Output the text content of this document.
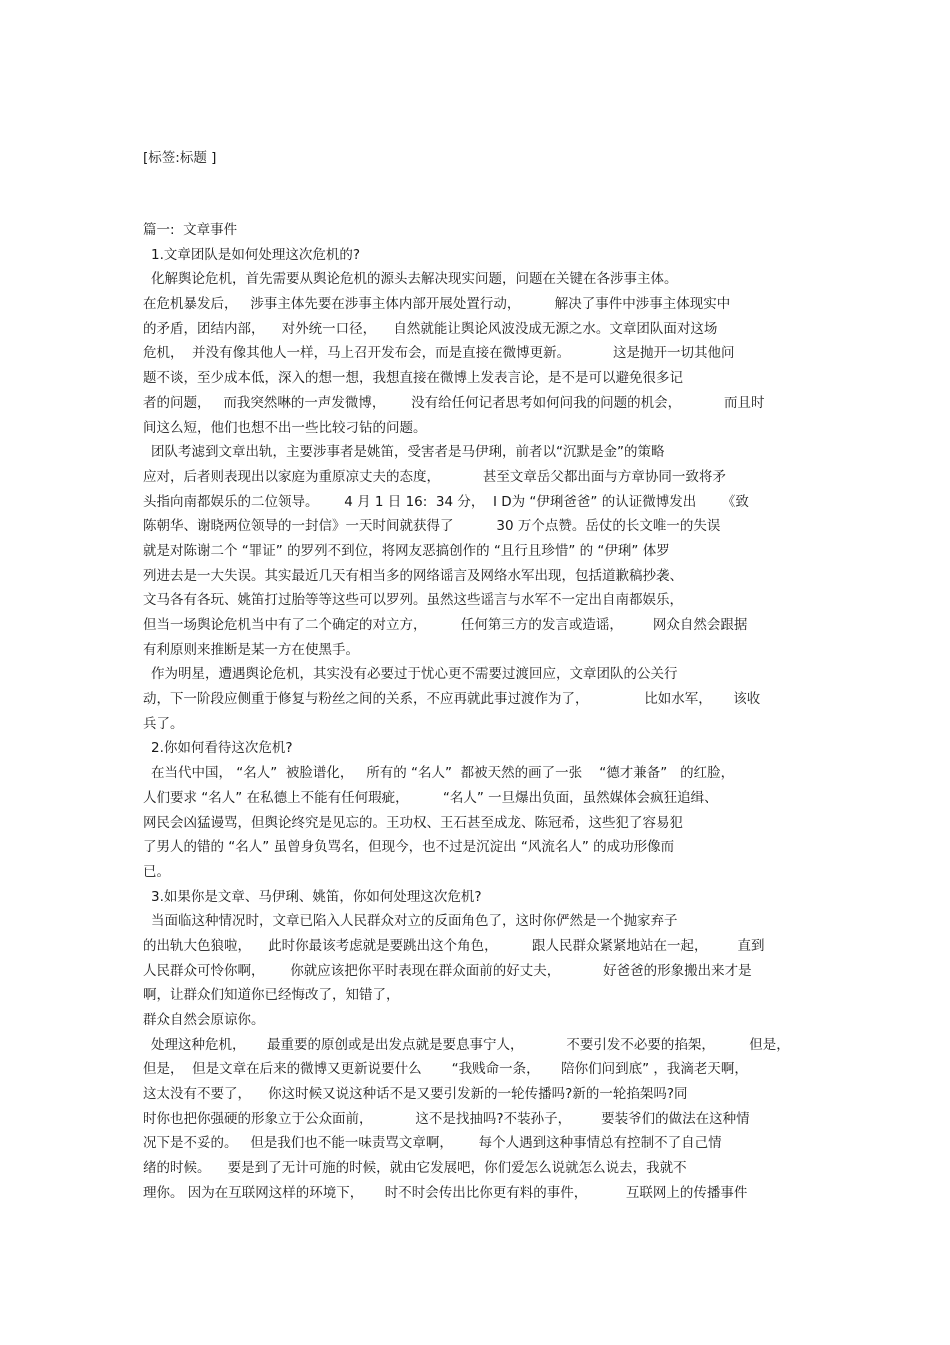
[标签:标题 ]
篇一:  文章事件
1.文章团队是如何处理这次危机的?
化解舆论危机，首先需要从舆论危机的源头去解决现实问题，问题在关键在各涉事主体。
在危机暴发后，   涉事主体先要在涉事主体内部开展处置行动，        解决了事件中涉事主体现实中
的矛盾，团结内部，    对外统一口径，    自然就能让舆论风波没成无源之水。文章团队面对这场
危机，  并没有像其他人一样，马上召开发布会，而是直接在微博更新。          这是抛开一切其他问
题不谈，至少成本低，深入的想一想，我想直接在微博上发表言论，是不是可以避免很多记
者的问题，   而我突然啉的一声发微博，      没有给任何记者思考如何问我的问题的机会，          而且时
间这么短，他们也想不出一些比较刁钻的问题。
团队考滤到文章出轨，主要涉事者是姚笛，受害者是马伊琍，前者以“沉默是金”的策略
应对，后者则表现出以家庭为重原凉丈夫的态度，          甚至文章岳父都出面与方章协同一致将矛
头指向南都娱乐的二位领导。      4 月 1 日 16:  34 分，  I D为 “伊琍爸爸” 的认证微博发出      《致
陈朝华、谢晓两位领导的一封信》一天时间就获得了          30 万个点赞。岳仗的长文唯一的失误
就是对陈谢二个 “罪证” 的罗列不到位，将网友恶搞创作的 “且行且珍惜” 的 “伊琍” 体罗
列进去是一大失误。其实最近几天有相当多的网络谣言及网络水军出现，包括道歉稿抄袭、
文马各有各玩、姚笛打过胎等等这些可以罗列。虽然这些谣言与水军不一定出自南都娱乐，
但当一场舆论危机当中有了二个确定的对立方，        任何第三方的发言或造谣，       网众自然会跟据
有利原则来推断是某一方在使黑手。
作为明星，遭遇舆论危机，其实没有必要过于忧心更不需要过渡回应，文章团队的公关行
动，下一阶段应侧重于修复与粉丝之间的关系，不应再就此事过渡作为了，             比如水军，     该收
兵了。
2.你如何看待这次危机?
在当代中国， “名人”  被脸谱化，   所有的 “名人”  都被天然的画了一张    “德才兼备”   的红脸，
人们要求 “名人” 在私德上不能有任何瑕疵，        “名人” 一旦爆出负面，虽然媒体会疯狂追缉、
网民会凶猛谩骂，但舆论终究是见忘的。王功权、王石甚至成龙、陈冠希，这些犯了容易犯
了男人的错的 “名人” 虽曾身负骂名，但现今，也不过是沉淀出 “风流名人” 的成功形像而
已。
3.如果你是文章、马伊琍、姚笛，你如何处理这次危机?
当面临这种情况时，文章已陷入人民群众对立的反面角色了，这时你俨然是一个抛家弃子
的出轨大色狼啦，    此时你最该考虑就是要跳出这个角色，        跟人民群众紧紧地站在一起，       直到
人民群众可怜你啊，      你就应该把你平时表现在群众面前的好丈夫，          好爸爸的形象搬出来才是
啊，让群众们知道你已经悔改了，知错了，
群众自然会原谅你。
处理这种危机，     最重要的原创或是出发点就是要息事宁人，          不要引发不必要的掐架，        但是，
但是，  但是文章在后来的微博又更新说要什么       “我贱命一条，     陪你们问到底” ，我滴老天啊，
这太没有不要了，    你这时候又说这种话不是又要引发新的一轮传播吗?新的一轮掐架吗?同
时你也把你强硬的形象立于公众面前，          这不是找抽吗?不装孙子，       要装爷们的做法在这种情
况下是不妥的。   但是我们也不能一味责骂文章啊，      每个人遇到这种事情总有控制不了自己情
绪的时候。    要是到了无计可施的时候，就由它发展吧，你们爱怎么说就怎么说去，我就不
理你。 因为在互联网这样的环境下，     时不时会传出比你更有料的事件，         互联网上的传播事件
